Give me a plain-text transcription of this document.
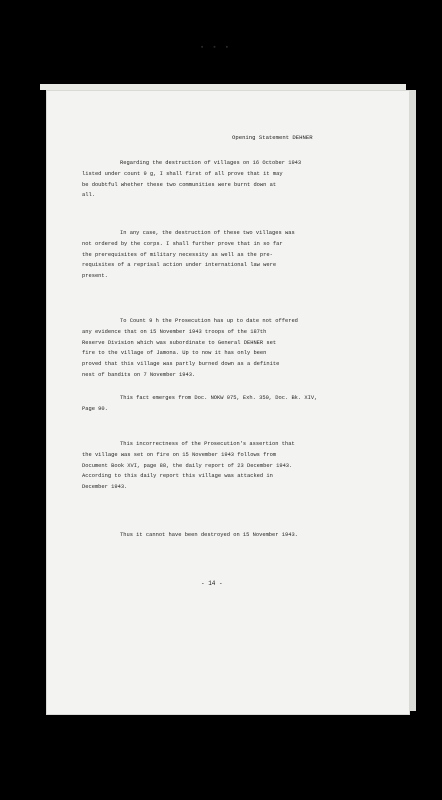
▪ ▪ ▪
Opening Statement DEHNER
Regarding the destruction of villages on 16 October 1943
listed under count 9 g, I shall first of all prove that it may
be doubtful whether these two communities were burnt down at
all.
In any case, the destruction of these two villages was
not ordered by the corps. I shall further prove that in so far
the prerequisites of military necessity as well as the pre-
requisites of a reprisal action under international law were
present.
To Count 9 h the Prosecution has up to date not offered
any evidence that on 15 November 1943 troops of the 187th
Reserve Division which was subordinate to General DEHNER set
fire to the village of Jamona. Up to now it has only been
proved that this village was partly burned down as a definite
nest of bandits on 7 November 1943.
This fact emerges from Doc. NOKW 075, Exh. 350, Doc. Bk. XIV,
Page 90.
This incorrectness of the Prosecution's assertion that
the village was set on fire on 15 November 1943 follows from
Document Book XVI, page 88, the daily report of 23 December 1943.
According to this daily report this village was attacked in
December 1943.
Thus it cannot have been destroyed on 15 November 1943.
- 14 -
